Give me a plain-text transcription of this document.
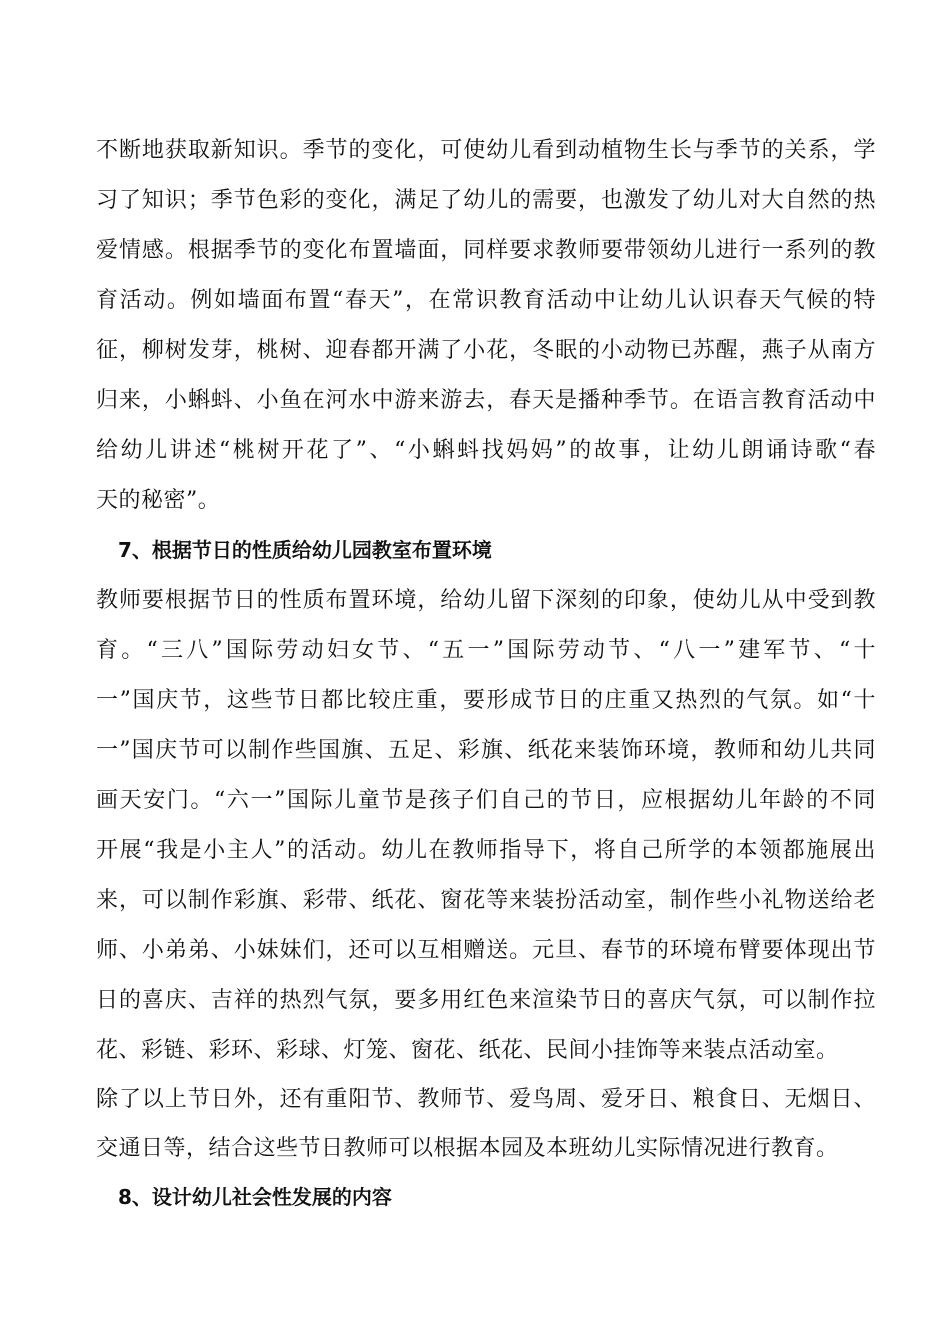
不断地获取新知识。季节的变化，可使幼儿看到动植物生长与季节的关系，学

习了知识；季节色彩的变化，满足了幼儿的需要，也激发了幼儿对大自然的热

爱情感。根据季节的变化布置墙面，同样要求教师要带领幼儿进行一系列的教

育活动。例如墙面布置“春天”，在常识教育活动中让幼儿认识春天气候的特

征，柳树发芽，桃树、迎春都开满了小花，冬眠的小动物已苏醒，燕子从南方

归来，小蝌蚪、小鱼在河水中游来游去，春天是播种季节。在语言教育活动中

给幼儿讲述“桃树开花了”、“小蝌蚪找妈妈”的故事，让幼儿朗诵诗歌“春

天的秘密”。

7、根据节日的性质给幼儿园教室布置环境

教师要根据节日的性质布置环境，给幼儿留下深刻的印象，使幼儿从中受到教

育。“三八”国际劳动妇女节、“五一”国际劳动节、“八一”建军节、“十

一”国庆节，这些节日都比较庄重，要形成节日的庄重又热烈的气氛。如“十

一”国庆节可以制作些国旗、五足、彩旗、纸花来装饰环境，教师和幼儿共同

画天安门。“六一”国际儿童节是孩子们自己的节日，应根据幼儿年龄的不同

开展“我是小主人”的活动。幼儿在教师指导下，将自己所学的本领都施展出

来，可以制作彩旗、彩带、纸花、窗花等来装扮活动室，制作些小礼物送给老

师、小弟弟、小妹妹们，还可以互相赠送。元旦、春节的环境布臂要体现出节

日的喜庆、吉祥的热烈气氛，要多用红色来渲染节日的喜庆气氛，可以制作拉

花、彩链、彩环、彩球、灯笼、窗花、纸花、民间小挂饰等来装点活动室。

除了以上节日外，还有重阳节、教师节、爱鸟周、爱牙日、粮食日、无烟日、

交通日等，结合这些节日教师可以根据本园及本班幼儿实际情况进行教育。

8、设计幼儿社会性发展的内容
